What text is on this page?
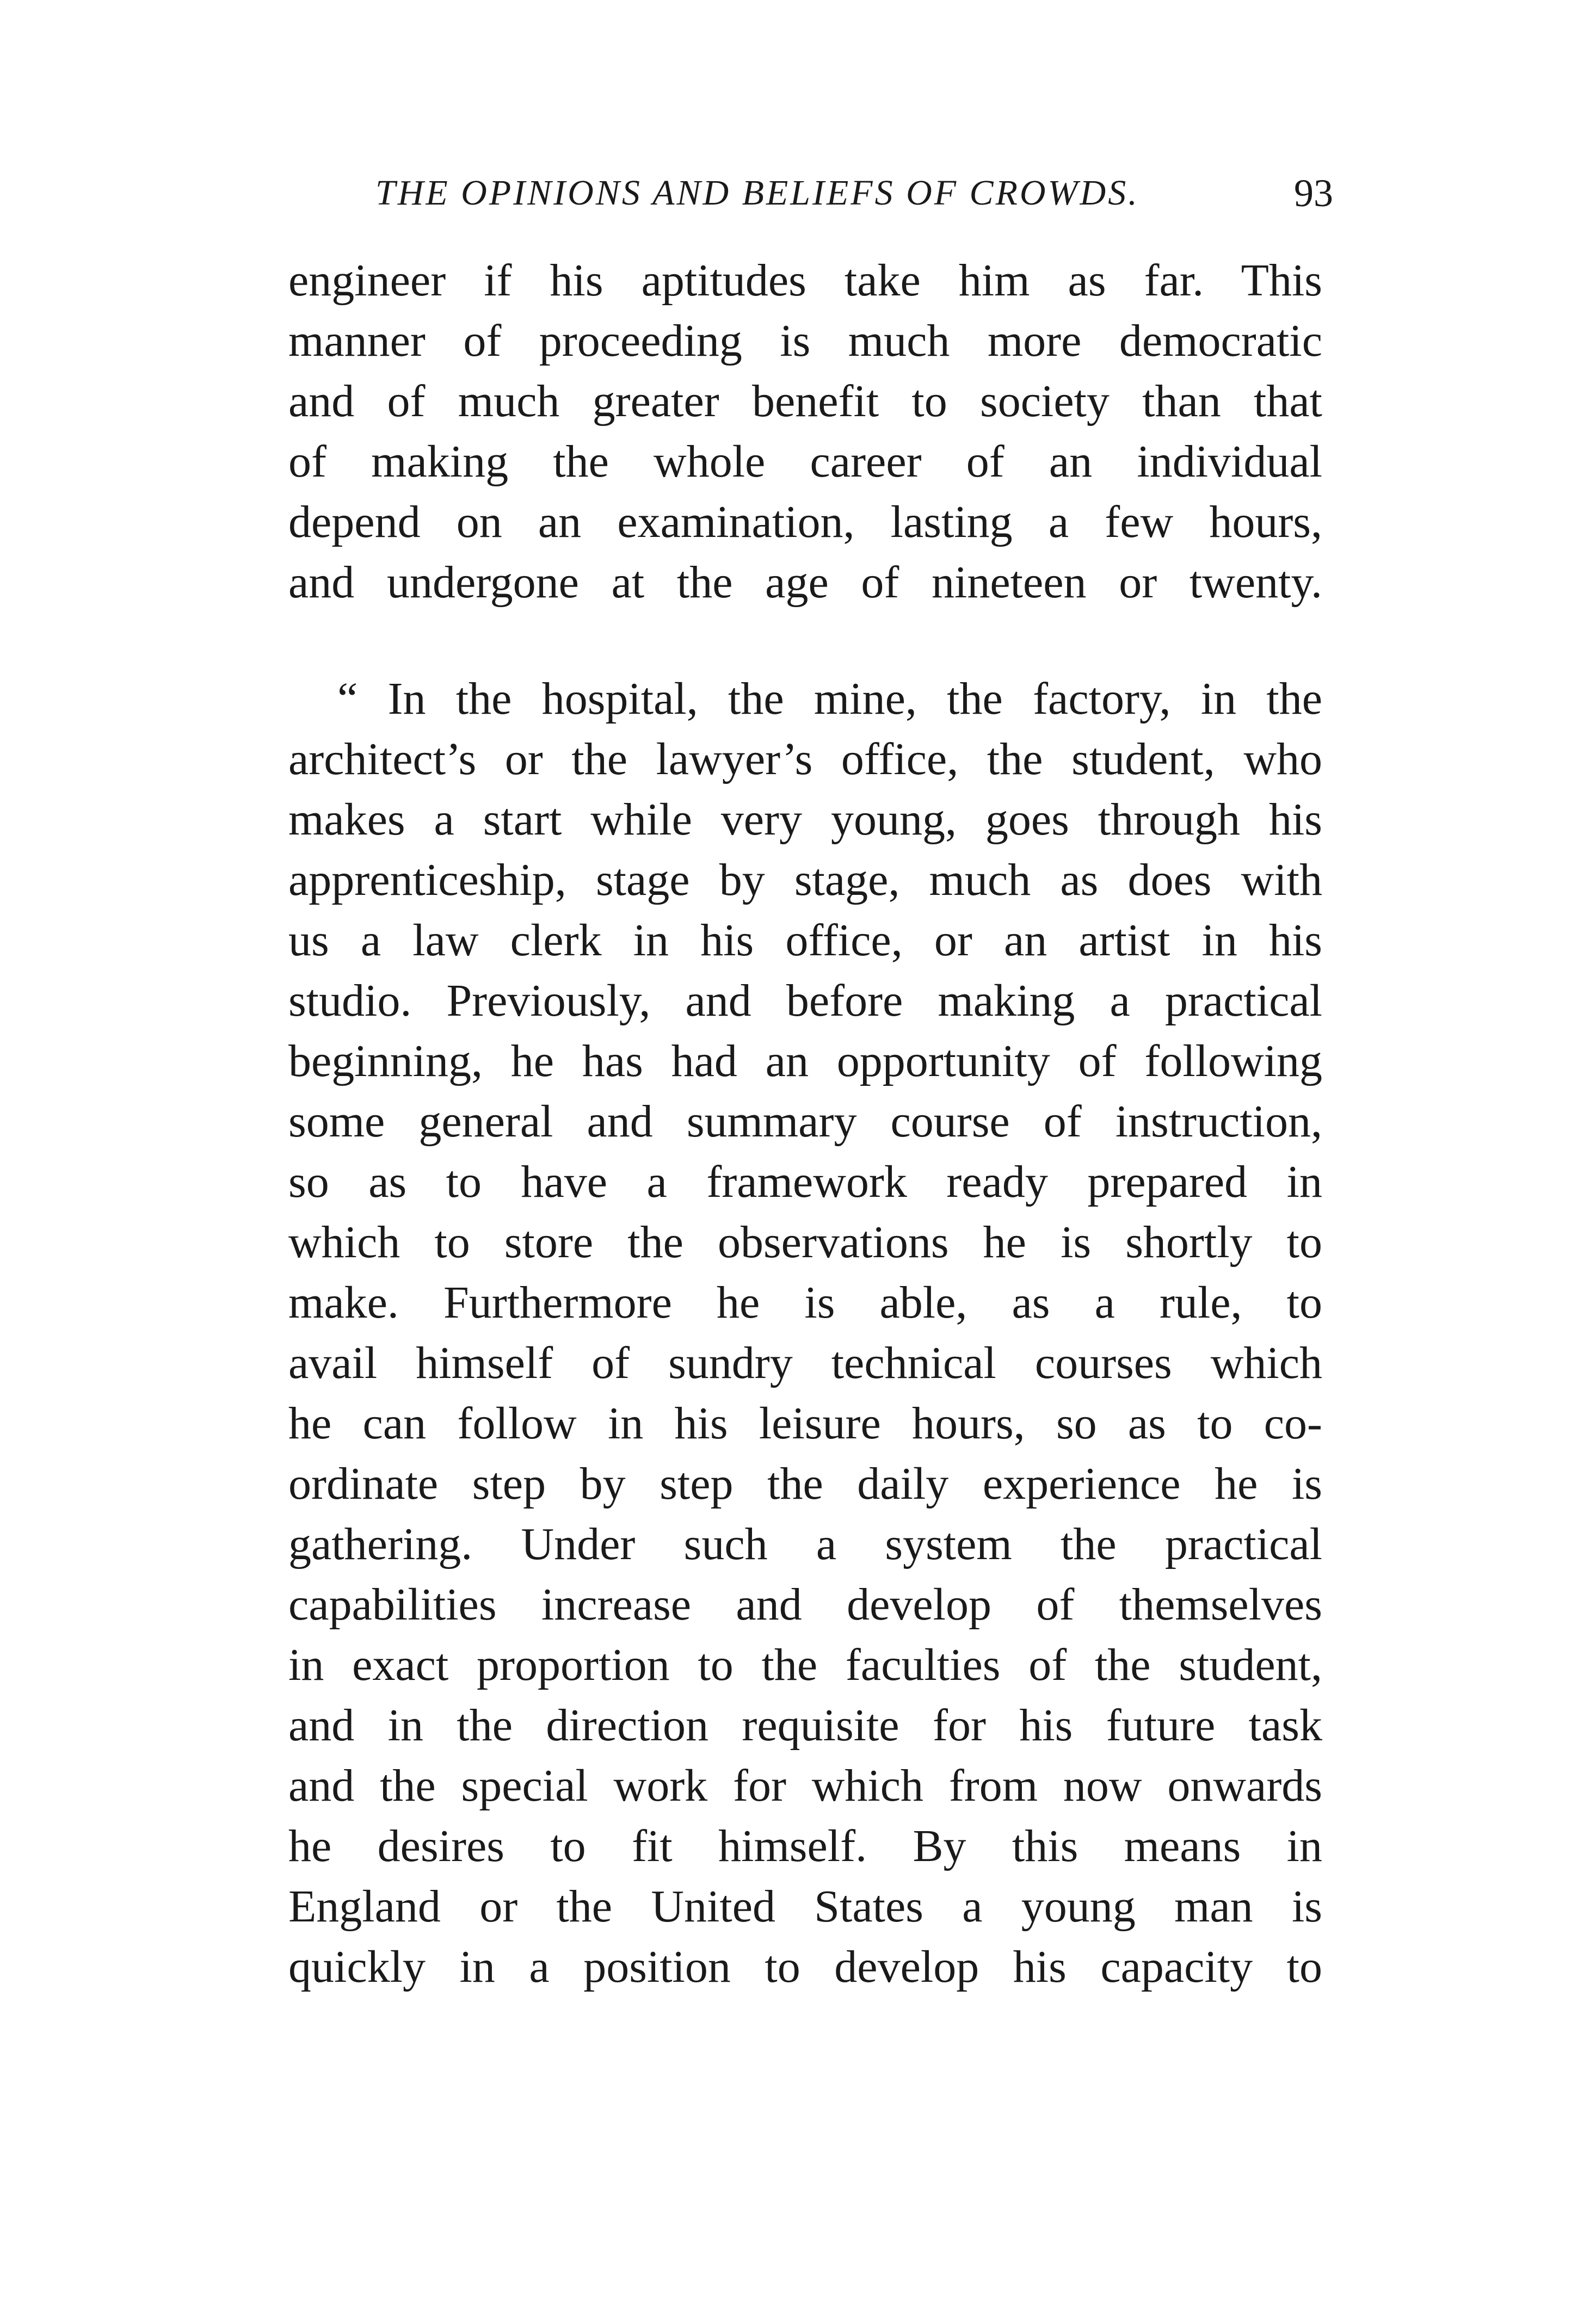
THE OPINIONS AND BELIEFS OF CROWDS.	93
engineer if his aptitudes take him as far. This
manner of proceeding is much more democratic
and of much greater benefit to society than that
of making the whole career of an individual
depend on an examination, lasting a few hours,
and undergone at the age of nineteen or twenty.
“ In the hospital, the mine, the factory, in the
architect’s or the lawyer’s office, the student, who
makes a start while very young, goes through his
apprenticeship, stage by stage, much as does with
us a law clerk in his office, or an artist in his
studio. Previously, and before making a practical
beginning, he has had an opportunity of following
some general and summary course of instruction,
so as to have a framework ready prepared in
which to store the observations he is shortly to
make. Furthermore he is able, as a rule, to
avail himself of sundry technical courses which
he can follow in his leisure hours, so as to co-
ordinate step by step the daily experience he is
gathering. Under such a system the practical
capabilities increase and develop of themselves
in exact proportion to the faculties of the student,
and in the direction requisite for his future task
and the special work for which from now onwards
he desires to fit himself. By this means in
England or the United States a young man is
quickly in a position to develop his capacity to
